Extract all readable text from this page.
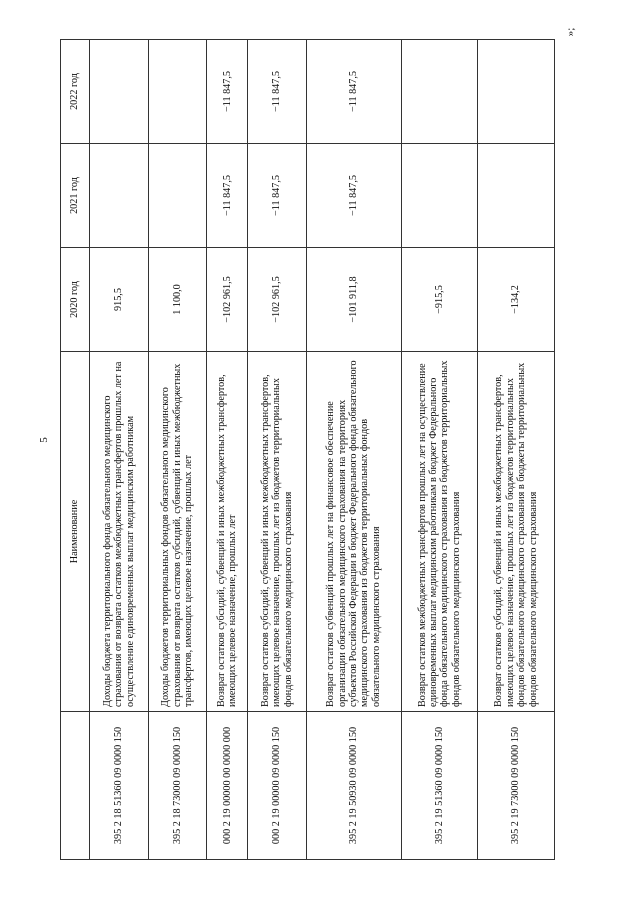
5
»;
	Наименование	2020 год	2021 год	2022 год
395 2 18 51360 09 0000 150	Доходы бюджета территориального фонда обязательного медицинского страхования от возврата остатков межбюджетных трансфертов прошлых лет на осуществление единовременных выплат медицинским работникам	915,5		
395 2 18 73000 09 0000 150	Доходы бюджетов территориальных фондов обязательного медицинского страхования от возврата остатков субсидий, субвенций и иных межбюджетных трансфертов, имеющих целевое назначение, прошлых лет	1 100,0		
000 2 19 00000 00 0000 000	Возврат остатков субсидий, субвенций и иных межбюджетных трансфертов, имеющих целевое назначение, прошлых лет	−102 961,5	−11 847,5	−11 847,5
000 2 19 00000 09 0000 150	Возврат остатков субсидий, субвенций и иных межбюджетных трансфертов, имеющих целевое назначение, прошлых лет из бюджетов территориальных фондов обязательного медицинского страхования	−102 961,5	−11 847,5	−11 847,5
395 2 19 50930 09 0000 150	Возврат остатков субвенций прошлых лет на финансовое обеспечение организации обязательного медицинского страхования на территориях субъектов Российской Федерации в бюджет Федерального фонда обязательного медицинского страхования из бюджетов территориальных фондов обязательного медицинского страхования	−101 911,8	−11 847,5	−11 847,5
395 2 19 51360 09 0000 150	Возврат остатков межбюджетных трансфертов прошлых лет на осуществление единовременных выплат медицинским работникам в бюджет Федерального фонда обязательного медицинского страхования из бюджетов территориальных фондов обязательного медицинского страхования	−915,5		
395 2 19 73000 09 0000 150	Возврат остатков субсидий, субвенций и иных межбюджетных трансфертов, имеющих целевое назначение, прошлых лет из бюджетов территориальных фондов обязательного медицинского страхования в бюджеты территориальных фондов обязательного медицинского страхования	−134,2		
